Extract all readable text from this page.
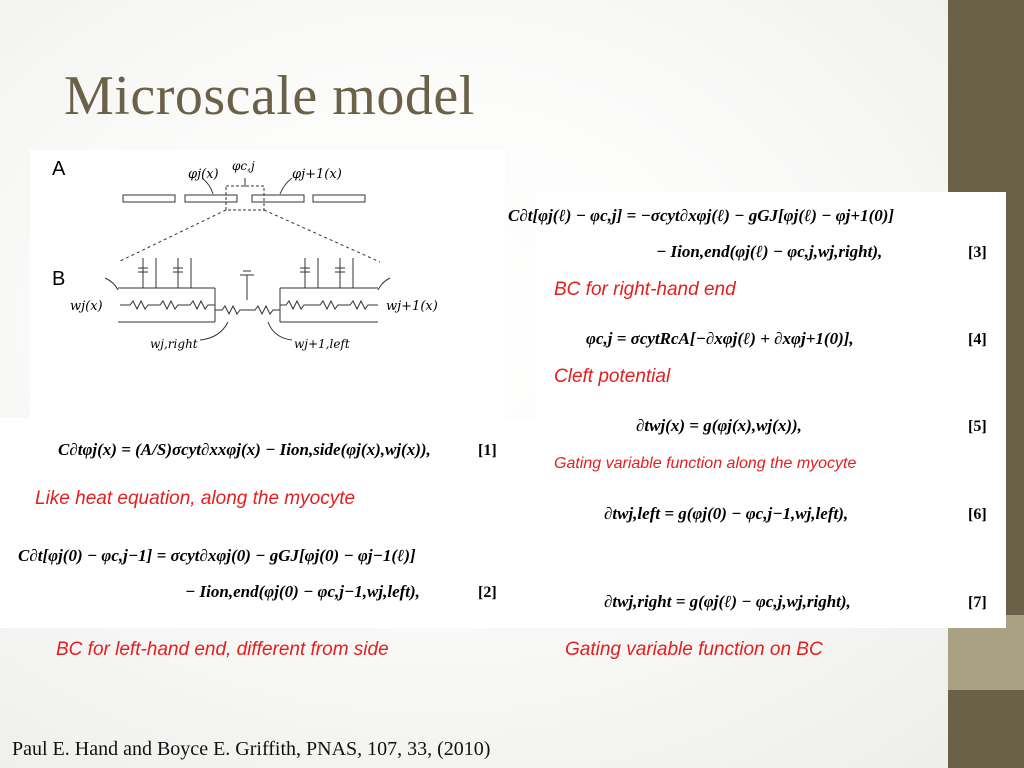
Microscale model
A
B
φj(x)
φc,j
φj+1(x)
wj(x)	wj+1(x)
wj,right	wj+1,left
C∂tφj(x) = (A/S)σcyt∂xxφj(x) − Iion,side(φj(x),wj(x)),	[1]
Like heat equation, along the myocyte
C∂t[φj(0) − φc,j−1] = σcyt∂xφj(0) − gGJ[φj(0) − φj−1(ℓ)]
− Iion,end(φj(0) − φc,j−1,wj,left),	[2]
BC for left-hand end, different from side
C∂t[φj(ℓ) − φc,j] = −σcyt∂xφj(ℓ) − gGJ[φj(ℓ) − φj+1(0)]
− Iion,end(φj(ℓ) − φc,j,wj,right),	[3]
BC for right-hand end
φc,j = σcytRcA[−∂xφj(ℓ) + ∂xφj+1(0)],	[4]
Cleft potential
∂twj(x) = g(φj(x),wj(x)),	[5]
Gating variable function along the myocyte
∂twj,left = g(φj(0) − φc,j−1,wj,left),	[6]
∂twj,right = g(φj(ℓ) − φc,j,wj,right),	[7]
Gating variable function on BC
Paul E. Hand and Boyce E. Griffith, PNAS, 107, 33, (2010)
